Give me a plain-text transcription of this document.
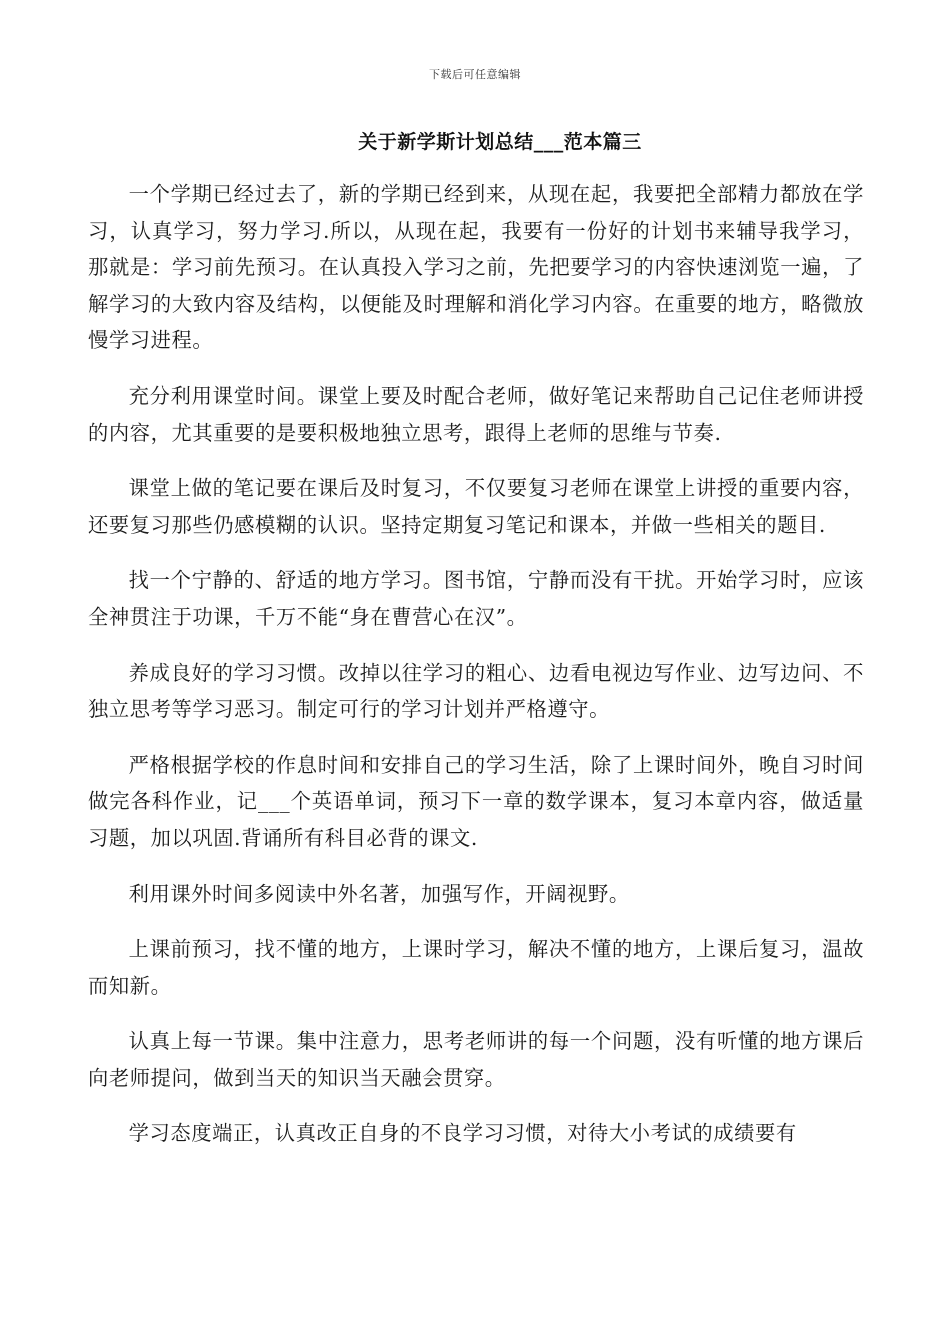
下载后可任意编辑
关于新学斯计划总结___范本篇三

一个学期已经过去了，新的学期已经到来，从现在起，我要把全部精力都放在学习，认真学习，努力学习.所以，从现在起，我要有一份好的计划书来辅导我学习，那就是：学习前先预习。在认真投入学习之前，先把要学习的内容快速浏览一遍，了解学习的大致内容及结构，以便能及时理解和消化学习内容。在重要的地方，略微放慢学习进程。

充分利用课堂时间。课堂上要及时配合老师，做好笔记来帮助自己记住老师讲授的内容，尤其重要的是要积极地独立思考，跟得上老师的思维与节奏.

课堂上做的笔记要在课后及时复习，不仅要复习老师在课堂上讲授的重要内容，还要复习那些仍感模糊的认识。坚持定期复习笔记和课本，并做一些相关的题目.

找一个宁静的、舒适的地方学习。图书馆，宁静而没有干扰。开始学习时，应该全神贯注于功课，千万不能“身在曹营心在汉”。

养成良好的学习习惯。改掉以往学习的粗心、边看电视边写作业、边写边问、不独立思考等学习恶习。制定可行的学习计划并严格遵守。

严格根据学校的作息时间和安排自己的学习生活，除了上课时间外，晚自习时间做完各科作业，记___个英语单词，预习下一章的数学课本，复习本章内容，做适量习题，加以巩固.背诵所有科目必背的课文.

利用课外时间多阅读中外名著，加强写作，开阔视野。

上课前预习，找不懂的地方，上课时学习，解决不懂的地方，上课后复习，温故而知新。

认真上每一节课。集中注意力，思考老师讲的每一个问题，没有听懂的地方课后向老师提问，做到当天的知识当天融会贯穿。

学习态度端正，认真改正自身的不良学习习惯，对待大小考试的成绩要有
